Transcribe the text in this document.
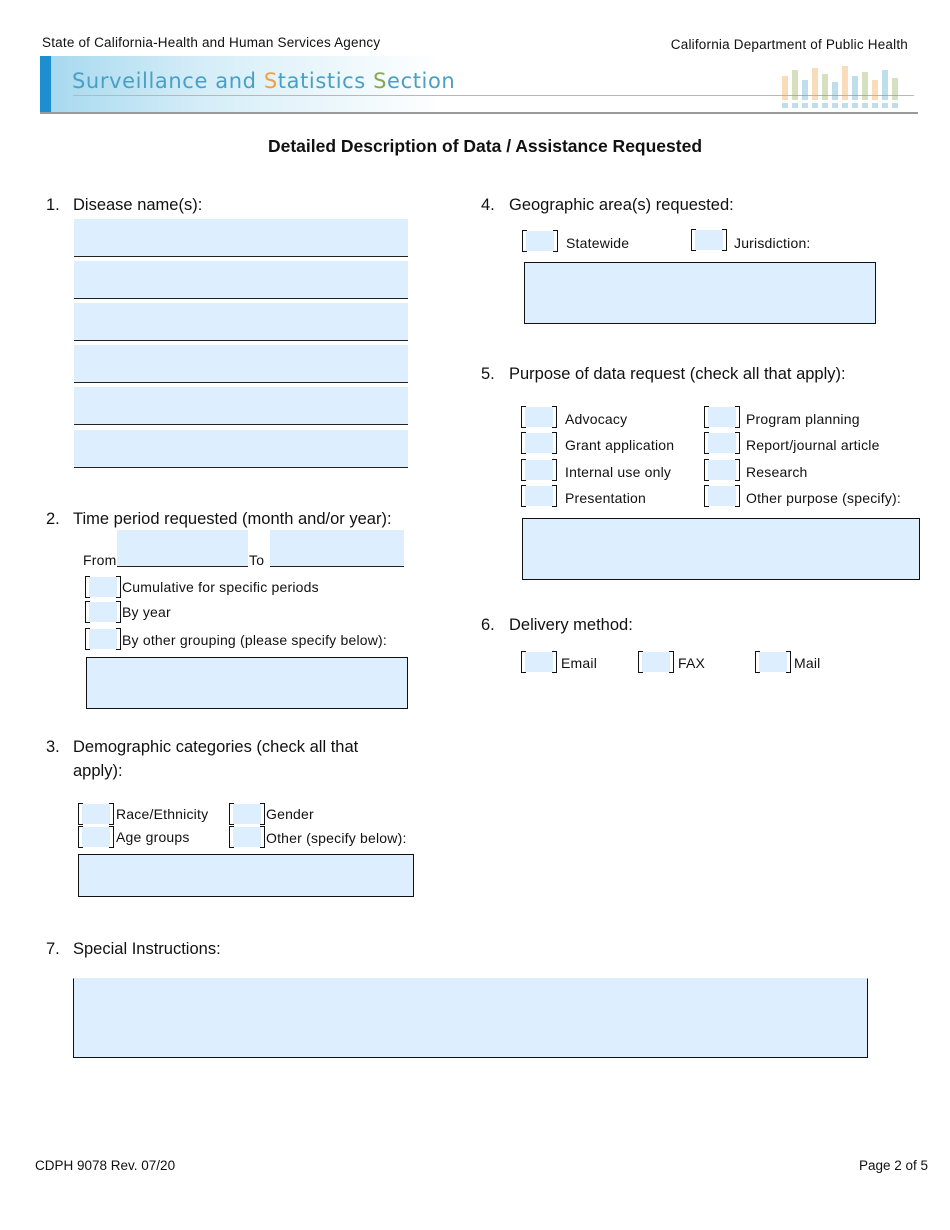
State of California-Health and Human Services Agency	California Department of Public Health
Surveillance and Statistics Section
Detailed Description of Data / Assistance Requested
1. Disease name(s):
2. Time period requested (month and/or year):
From	To
Cumulative for specific periods
By year
By other grouping (please specify below):
3. Demographic categories (check all that
apply):
Race/Ethnicity	Gender
Age groups	Other (specify below):
4. Geographic area(s) requested:
Statewide	Jurisdiction:
5. Purpose of data request (check all that apply):
Advocacy	Program planning
Grant application	Report/journal article
Internal use only	Research
Presentation	Other purpose (specify):
6. Delivery method:
Email	FAX	Mail
7. Special Instructions:
CDPH 9078 Rev. 07/20	Page 2 of 5
